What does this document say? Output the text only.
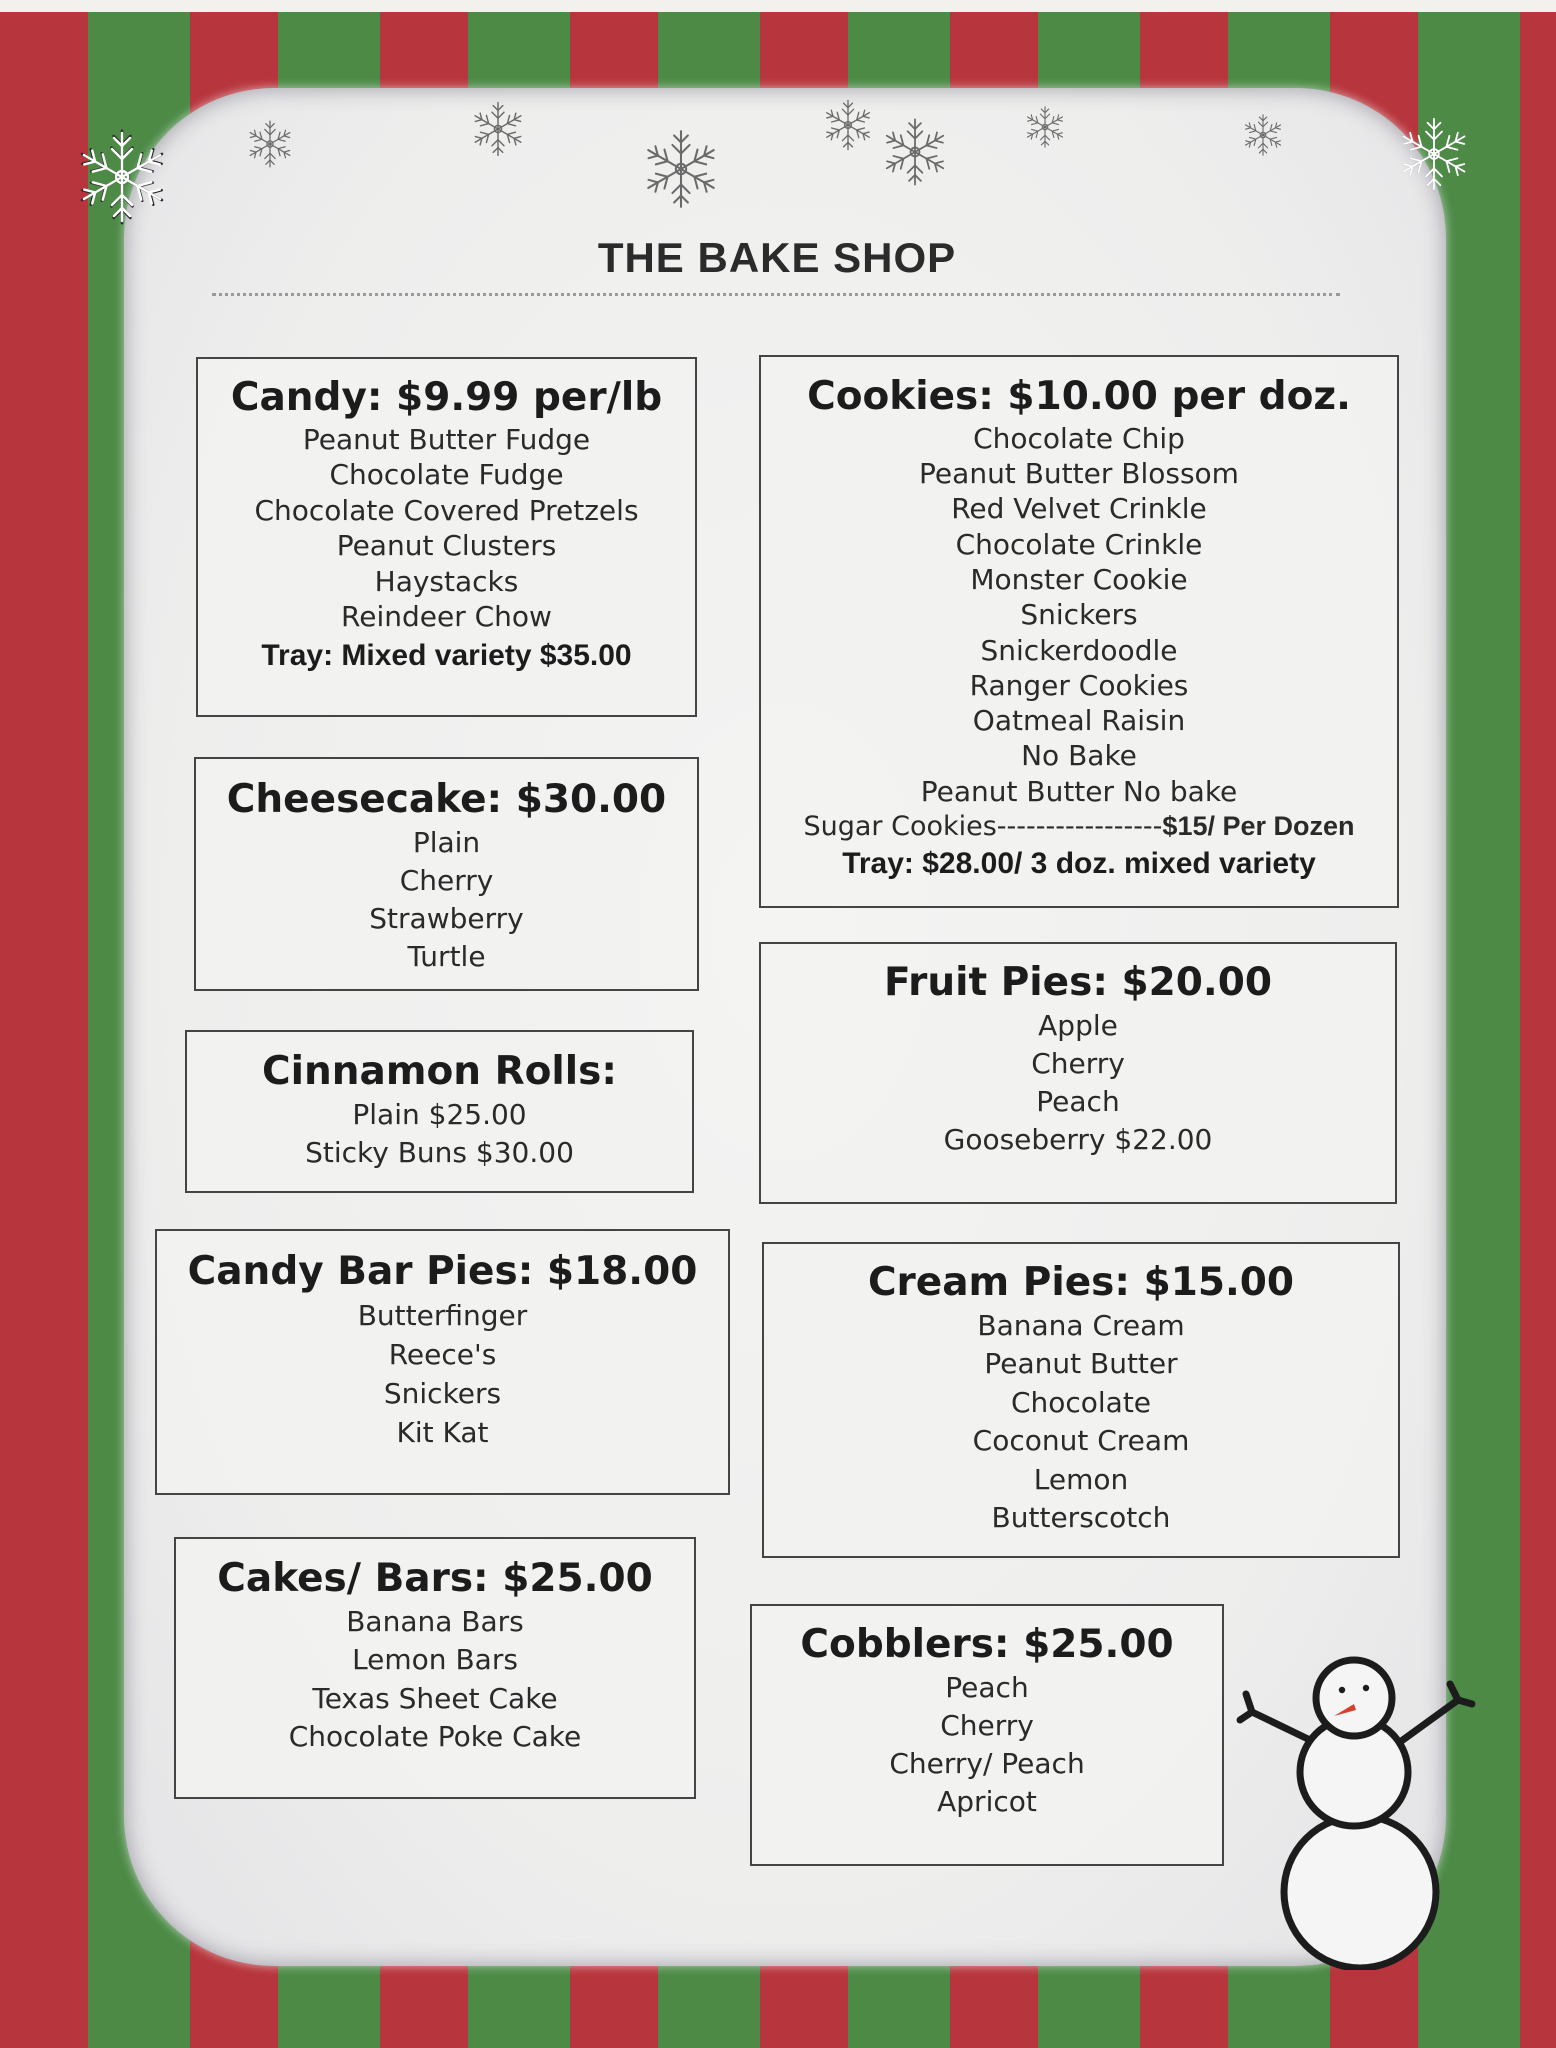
THE BAKE SHOP
Candy: $9.99 per/lb
Peanut Butter Fudge
Chocolate Fudge
Chocolate Covered Pretzels
Peanut Clusters
Haystacks
Reindeer Chow
Tray: Mixed variety $35.00
Cheesecake: $30.00
Plain
Cherry
Strawberry
Turtle
Cinnamon Rolls:
Plain $25.00
Sticky Buns $30.00
Candy Bar Pies: $18.00
Butterfinger
Reece's
Snickers
Kit Kat
Cakes/ Bars: $25.00
Banana Bars
Lemon Bars
Texas Sheet Cake
Chocolate Poke Cake
Cookies: $10.00 per doz.
Chocolate Chip
Peanut Butter Blossom
Red Velvet Crinkle
Chocolate Crinkle
Monster Cookie
Snickers
Snickerdoodle
Ranger Cookies
Oatmeal Raisin
No Bake
Peanut Butter No bake
Sugar Cookies-----------------$15/ Per Dozen
Tray: $28.00/ 3 doz. mixed variety
Fruit Pies: $20.00
Apple
Cherry
Peach
Gooseberry $22.00
Cream Pies: $15.00
Banana Cream
Peanut Butter
Chocolate
Coconut Cream
Lemon
Butterscotch
Cobblers: $25.00
Peach
Cherry
Cherry/ Peach
Apricot
